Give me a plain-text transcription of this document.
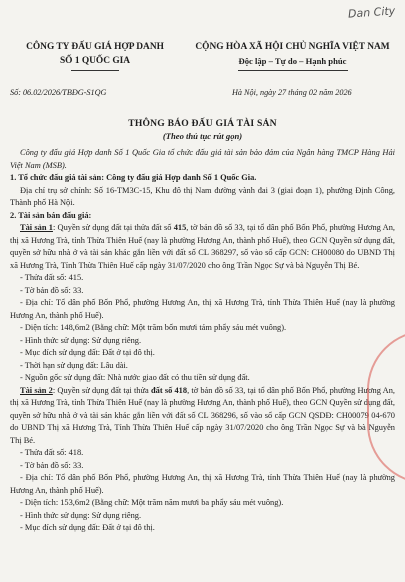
Dan City
CÔNG TY ĐẤU GIÁ HỢP DANH
SỐ 1 QUỐC GIA
CỘNG HÒA XÃ HỘI CHỦ NGHĨA VIỆT NAM
Độc lập – Tự do – Hạnh phúc
Số: 06.02/2026/TBĐG-S1QG	Hà Nội, ngày 27 tháng 02 năm 2026
THÔNG BÁO ĐẤU GIÁ TÀI SẢN
(Theo thủ tục rút gọn)

Công ty đấu giá Hợp danh Số 1 Quốc Gia tổ chức đấu giá tài sản bảo đảm của Ngân hàng TMCP Hàng Hải Việt Nam (MSB).

1. Tổ chức đấu giá tài sản: Công ty đấu giá Hợp danh Số 1 Quốc Gia.

Địa chỉ trụ sở chính: Số 16-TM3C-15, Khu đô thị Nam đường vành đai 3 (giai đoạn 1), phường Định Công, Thành phố Hà Nội.

2. Tài sản bán đấu giá:

Tài sản 1: Quyền sử dụng đất tại thửa đất số 415, tờ bản đồ số 33, tại tổ dân phố Bốn Phổ, phường Hương An, thị xã Hương Trà, tỉnh Thừa Thiên Huế (nay là phường Hương An, thành phố Huế), theo GCN Quyền sử dụng đất, quyền sở hữu nhà ở và tài sản khác gắn liền với đất số CL 368297, số vào sổ cấp GCN: CH00080 do UBND Thị xã Hương Trà, Tỉnh Thừa Thiên Huế cấp ngày 31/07/2020 cho ông Trần Ngọc Sự và bà Nguyễn Thị Bé.

- Thửa đất số: 415.

- Tờ bản đồ số: 33.

- Địa chỉ: Tổ dân phố Bốn Phổ, phường Hương An, thị xã Hương Trà, tỉnh Thừa Thiên Huế (nay là phường Hương An, thành phố Huế).

- Diện tích: 148,6m2 (Bằng chữ: Một trăm bốn mươi tám phẩy sáu mét vuông).

- Hình thức sử dụng: Sử dụng riêng.

- Mục đích sử dụng đất: Đất ở tại đô thị.

- Thời hạn sử dụng đất: Lâu dài.

- Nguồn gốc sử dụng đất: Nhà nước giao đất có thu tiền sử dụng đất.

Tài sản 2: Quyền sử dụng đất tại thửa đất số 418, tờ bản đồ số 33, tại tổ dân phố Bốn Phổ, phường Hương An, thị xã Hương Trà, tỉnh Thừa Thiên Huế (nay là phường Hương An, thành phố Huế), theo GCN Quyền sử dụng đất, quyền sở hữu nhà ở và tài sản khác gắn liền với đất số CL 368296, số vào sổ cấp GCN QSDĐ: CH00079 04-670 do UBND Thị xã Hương Trà, Tỉnh Thừa Thiên Huế cấp ngày 31/07/2020 cho ông Trần Ngọc Sự và bà Nguyễn Thị Bé.

- Thửa đất số: 418.

- Tờ bản đồ số: 33.

- Địa chỉ: Tổ dân phố Bốn Phổ, phường Hương An, thị xã Hương Trà, tỉnh Thừa Thiên Huế (nay là phường Hương An, thành phố Huế).

- Diện tích: 153,6m2 (Bằng chữ: Một trăm năm mươi ba phẩy sáu mét vuông).

- Hình thức sử dụng: Sử dụng riêng.

- Mục đích sử dụng đất: Đất ở tại đô thị.
